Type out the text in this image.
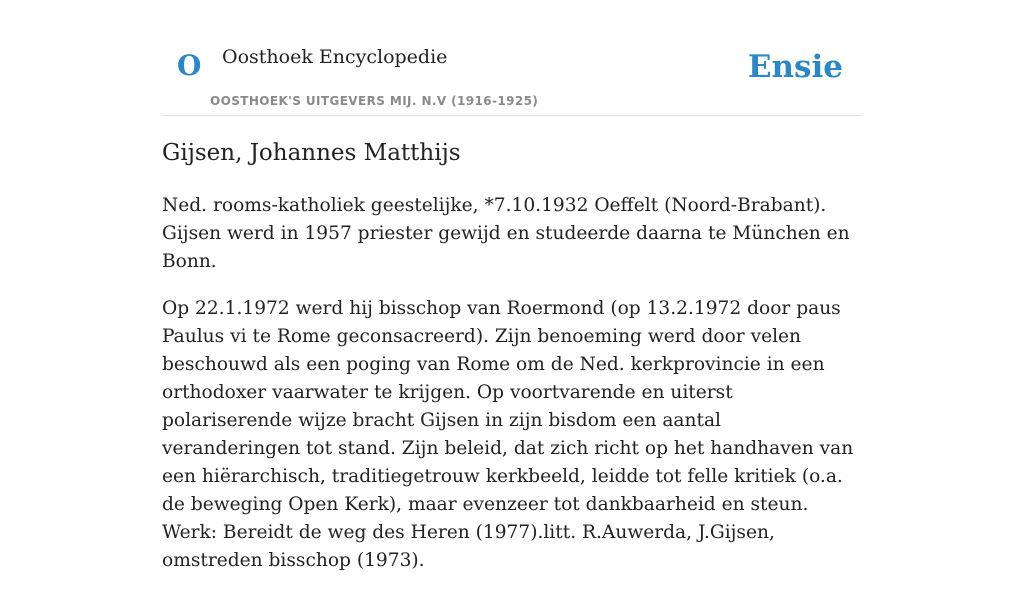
O Oosthoek Encyclopedie
OOSTHOEK'S UITGEVERS MIJ. N.V (1916-1925)
Ensie
Gijsen, Johannes Matthijs

Ned. rooms-katholiek geestelijke, *7.10.1932 Oeffelt (Noord-Brabant). Gijsen werd in 1957 priester gewijd en studeerde daarna te München en Bonn.

Op 22.1.1972 werd hij bisschop van Roermond (op 13.2.1972 door paus Paulus vi te Rome geconsacreerd). Zijn benoeming werd door velen beschouwd als een poging van Rome om de Ned. kerkprovincie in een orthodoxer vaarwater te krijgen. Op voortvarende en uiterst polariserende wijze bracht Gijsen in zijn bisdom een aantal veranderingen tot stand. Zijn beleid, dat zich richt op het handhaven van een hiërarchisch, traditiegetrouw kerkbeeld, leidde tot felle kritiek (o.a. de beweging Open Kerk), maar evenzeer tot dankbaarheid en steun. Werk: Bereidt de weg des Heren (1977).litt. R.Auwerda, J.Gijsen, omstreden bisschop (1973).
